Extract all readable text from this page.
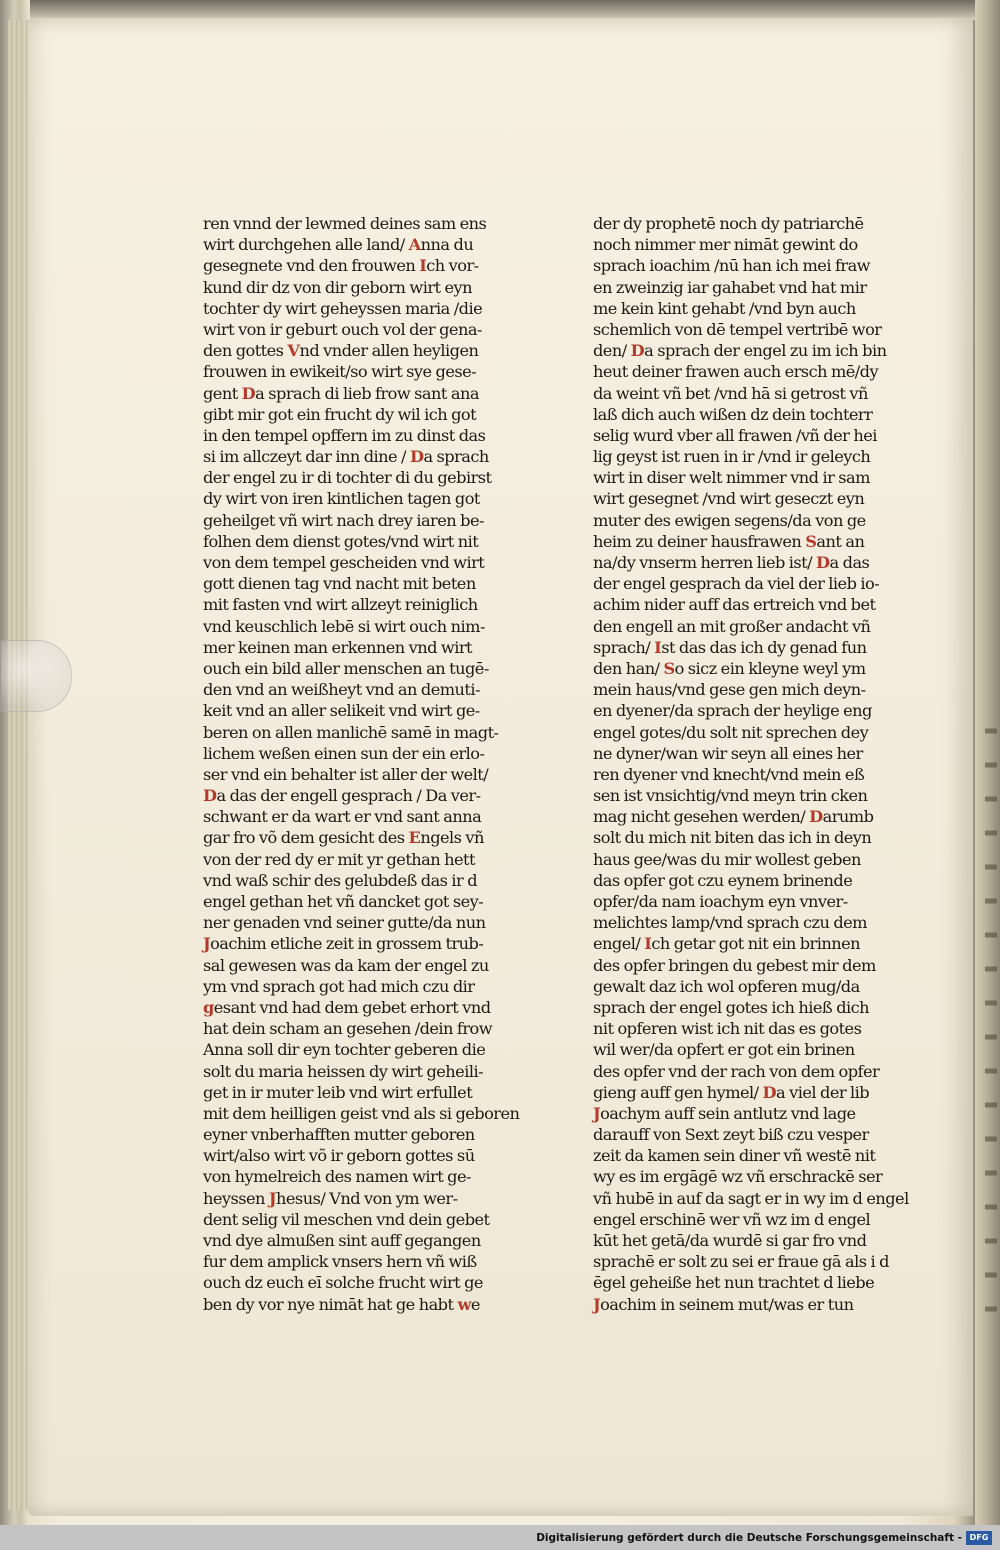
ren vnnd der lewmed deines sam ens
wirt durchgehen alle land/ Anna du
gesegnete vnd den frouwen Ich vor-
kund dir dz von dir geborn wirt eyn
tochter dy wirt geheyssen maria /die
wirt von ir geburt ouch vol der gena-
den gottes Vnd vnder allen heyligen
frouwen in ewikeit/so wirt sye gese-
gent Da sprach di lieb frow sant ana
gibt mir got ein frucht dy wil ich got
in den tempel opffern im zu dinst das
si im allczeyt dar inn dine / Da sprach
der engel zu ir di tochter di du gebirst
dy wirt von iren kintlichen tagen got
geheilget vñ wirt nach drey iaren be-
folhen dem dienst gotes/vnd wirt nit
von dem tempel gescheiden vnd wirt
gott dienen tag vnd nacht mit beten
mit fasten vnd wirt allzeyt reiniglich
vnd keuschlich lebē si wirt ouch nim-
mer keinen man erkennen vnd wirt
ouch ein bild aller menschen an tugē-
den vnd an weißheyt vnd an demuti-
keit vnd an aller selikeit vnd wirt ge-
beren on allen manlichē samē in magt-
lichem weßen einen sun der ein erlo-
ser vnd ein behalter ist aller der welt/
Da das der engell gesprach / Da ver-
schwant er da wart er vnd sant anna
gar fro võ dem gesicht des Engels vñ
von der red dy er mit yr gethan hett
vnd waß schir des gelubdeß das ir d
engel gethan het vñ dancket got sey-
ner genaden vnd seiner gutte/da nun
Joachim etliche zeit in grossem trub-
sal gewesen was da kam der engel zu
ym vnd sprach got had mich czu dir
gesant vnd had dem gebet erhort vnd
hat dein scham an gesehen /dein frow
Anna soll dir eyn tochter geberen die
solt du maria heissen dy wirt geheili-
get in ir muter leib vnd wirt erfullet
mit dem heilligen geist vnd als si geboren
eyner vnberhafften mutter geboren
wirt/also wirt võ ir geborn gottes sū
von hymelreich des namen wirt ge-
heyssen Jhesus/ Vnd von ym wer-
dent selig vil meschen vnd dein gebet
vnd dye almußen sint auff gegangen
fur dem amplick vnsers hern vñ wiß
ouch dz euch eī solche frucht wirt ge
ben dy vor nye nimāt hat ge habt we
der dy prophetē noch dy patriarchē
noch nimmer mer nimāt gewint do
sprach ioachim /nū han ich mei fraw
en zweinzig iar gahabet vnd hat mir
me kein kint gehabt /vnd byn auch
schemlich von dē tempel vertribē wor
den/ Da sprach der engel zu im ich bin
heut deiner frawen auch ersch mē/dy
da weint vñ bet /vnd hā si getrost vñ
laß dich auch wißen dz dein tochterr
selig wurd vber all frawen /vñ der hei
lig geyst ist ruen in ir /vnd ir geleych
wirt in diser welt nimmer vnd ir sam
wirt gesegnet /vnd wirt geseczt eyn
muter des ewigen segens/da von ge
heim zu deiner hausfrawen Sant an
na/dy vnserm herren lieb ist/ Da das
der engel gesprach da viel der lieb io-
achim nider auff das ertreich vnd bet
den engell an mit großer andacht vñ
sprach/ Ist das das ich dy genad fun
den han/ So sicz ein kleyne weyl ym
mein haus/vnd gese gen mich deyn-
en dyener/da sprach der heylige eng
engel gotes/du solt nit sprechen dey
ne dyner/wan wir seyn all eines her
ren dyener vnd knecht/vnd mein eß
sen ist vnsichtig/vnd meyn trin cken
mag nicht gesehen werden/ Darumb
solt du mich nit biten das ich in deyn
haus gee/was du mir wollest geben
das opfer got czu eynem brinende
opfer/da nam ioachym eyn vnver-
melichtes lamp/vnd sprach czu dem
engel/ Ich getar got nit ein brinnen
des opfer bringen du gebest mir dem
gewalt daz ich wol opferen mug/da
sprach der engel gotes ich hieß dich
nit opferen wist ich nit das es gotes
wil wer/da opfert er got ein brinen
des opfer vnd der rach von dem opfer
gieng auff gen hymel/ Da viel der lib
Joachym auff sein antlutz vnd lage
darauff von Sext zeyt biß czu vesper
zeit da kamen sein diner vñ westē nit
wy es im ergāgē wz vñ erschrackē ser
vñ hubē in auf da sagt er in wy im d engel
engel erschinē wer vñ wz im d engel
kūt het getā/da wurdē si gar fro vnd
sprachē er solt zu sei er fraue gā als i d
ēgel geheiße het nun trachtet d liebe
Joachim in seinem mut/was er tun
Digitalisierung gefördert durch die Deutsche Forschungsgemeinschaft - DFG
